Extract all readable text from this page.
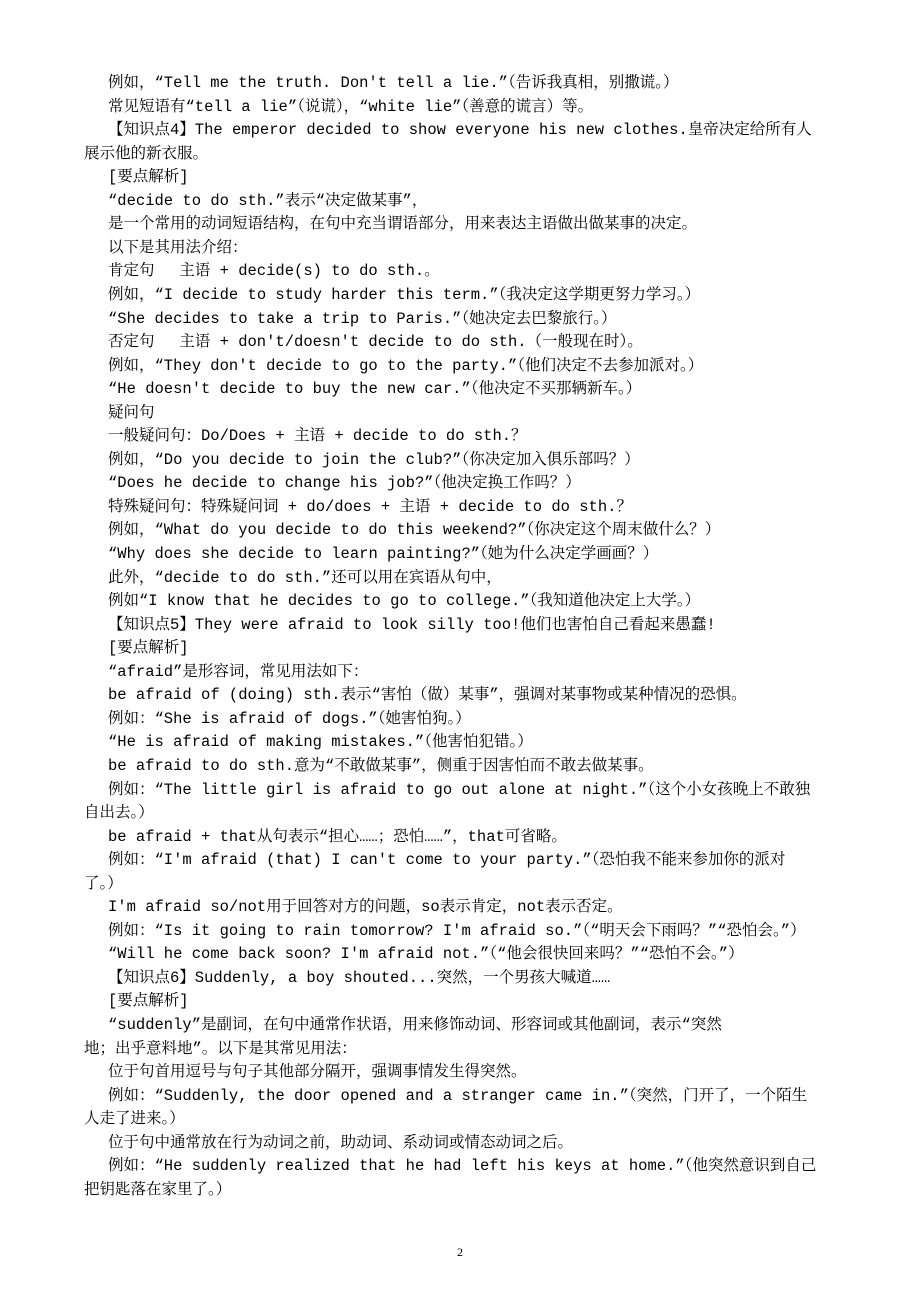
例如，“Tell me the truth. Don't tell a lie.”（告诉我真相，别撒谎。）
常见短语有“tell a lie”（说谎），“white lie”（善意的谎言）等。
【知识点4】The emperor decided to show everyone his new clothes.皇帝决定给所有人
展示他的新衣服。
[要点解析]
“decide to do sth.”表示“决定做某事”，
是一个常用的动词短语结构，在句中充当谓语部分，用来表达主语做出做某事的决定。
以下是其用法介绍：
肯定句　 主语 + decide(s) to do sth.。
例如，“I decide to study harder this term.”（我决定这学期更努力学习。）
“She decides to take a trip to Paris.”（她决定去巴黎旅行。）
否定句　 主语 + don't/doesn't decide to do sth.（一般现在时）。
例如，“They don't decide to go to the party.”（他们决定不去参加派对。）
“He doesn't decide to buy the new car.”（他决定不买那辆新车。）
疑问句
一般疑问句：Do/Does + 主语 + decide to do sth.？
例如，“Do you decide to join the club?”（你决定加入俱乐部吗？）
“Does he decide to change his job?”（他决定换工作吗？）
特殊疑问句：特殊疑问词 + do/does + 主语 + decide to do sth.？
例如，“What do you decide to do this weekend?”（你决定这个周末做什么？）
“Why does she decide to learn painting?”（她为什么决定学画画？）
此外，“decide to do sth.”还可以用在宾语从句中，
例如“I know that he decides to go to college.”（我知道他决定上大学。）
【知识点5】They were afraid to look silly too!他们也害怕自己看起来愚蠢!
[要点解析]
“afraid”是形容词，常见用法如下：
be afraid of (doing) sth.表示“害怕（做）某事”，强调对某事物或某种情况的恐惧。
例如：“She is afraid of dogs.”（她害怕狗。）
“He is afraid of making mistakes.”（他害怕犯错。）
be afraid to do sth.意为“不敢做某事”，侧重于因害怕而不敢去做某事。
例如：“The little girl is afraid to go out alone at night.”（这个小女孩晚上不敢独
自出去。）
be afraid + that从句表示“担心……；恐怕……”，that可省略。
例如：“I'm afraid (that) I can't come to your party.”（恐怕我不能来参加你的派对
了。）
I'm afraid so/not用于回答对方的问题，so表示肯定，not表示否定。
例如：“Is it going to rain tomorrow? I'm afraid so.”（“明天会下雨吗？”“恐怕会。”）
“Will he come back soon? I'm afraid not.”（“他会很快回来吗？”“恐怕不会。”）
【知识点6】Suddenly, a boy shouted...突然，一个男孩大喊道……
[要点解析]
“suddenly”是副词，在句中通常作状语，用来修饰动词、形容词或其他副词，表示“突然
地；出乎意料地”。以下是其常见用法：
位于句首用逗号与句子其他部分隔开，强调事情发生得突然。
例如：“Suddenly, the door opened and a stranger came in.”（突然，门开了，一个陌生
人走了进来。）
位于句中通常放在行为动词之前，助动词、系动词或情态动词之后。
例如：“He suddenly realized that he had left his keys at home.”（他突然意识到自己
把钥匙落在家里了。）
2
